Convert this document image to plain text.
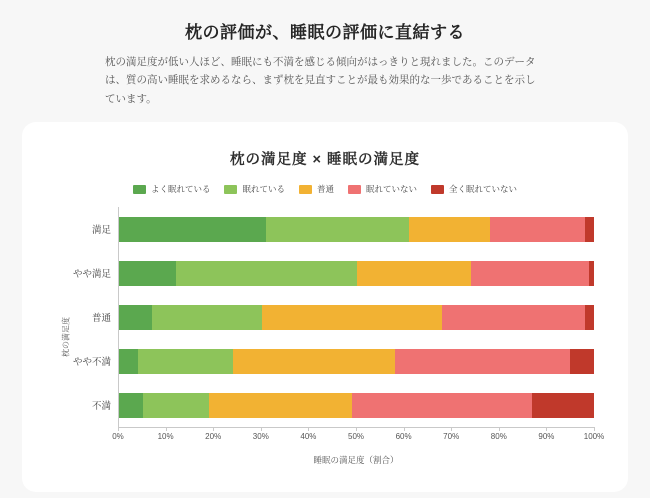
枕の評価が、睡眠の評価に直結する
枕の満足度が低い人ほど、睡眠にも不満を感じる傾向がはっきりと現れました。このデータは、質の高い睡眠を求めるなら、まず枕を見直すことが最も効果的な一歩であることを示しています。
枕の満足度 × 睡眠の満足度
よく眠れている	眠れている	普通	眠れていない	全く眠れていない
枕の満足度
満足
やや満足
普通
やや不満
不満
0%	10%	20%	30%	40%	50%	60%	70%	80%	90%	100%
睡眠の満足度（割合）
